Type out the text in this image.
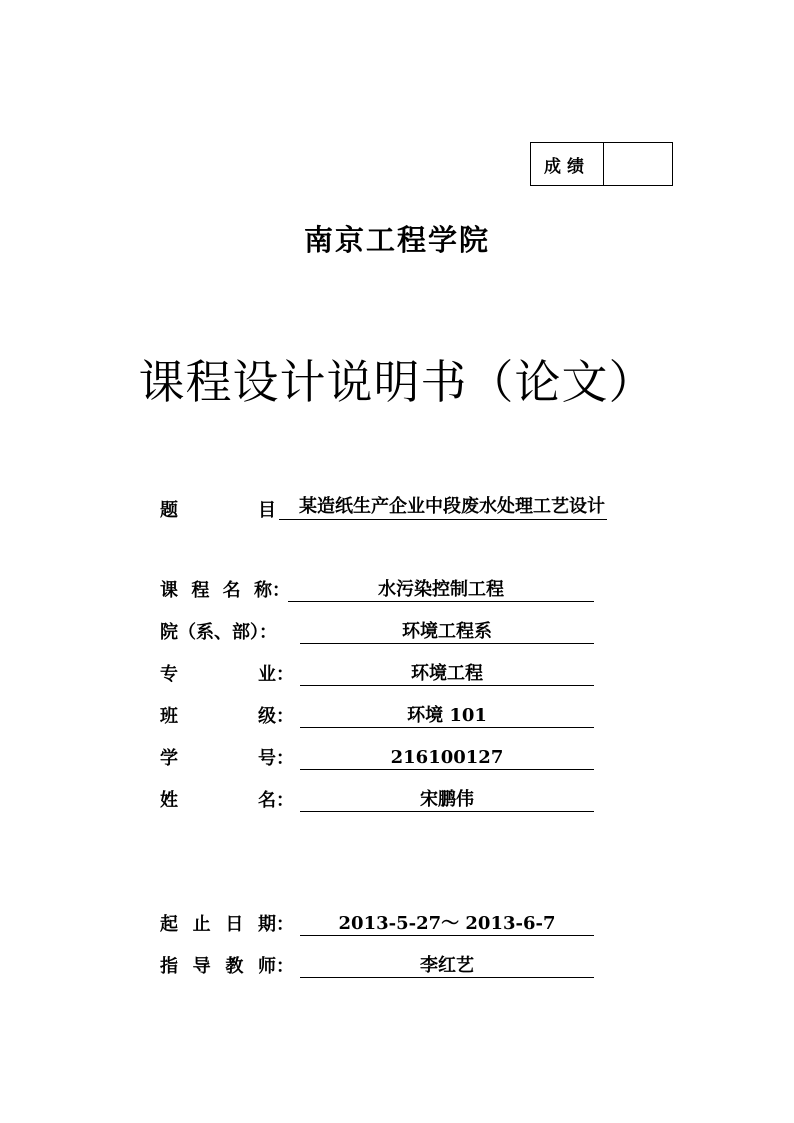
成绩
南京工程学院
课程设计说明书（论文）
题	目	某造纸生产企业中段废水处理工艺设计
课 程 名 称 ：	水污染控制工程
院（系、部）：	环境工程系
专	业 ：	环境工程
班	级 ：	环境 101
学	号 ：	216100127
姓	名 ：	宋鹏伟
起 止 日 期 ：	2013-5-27～ 2013-6-7
指 导 教 师 ：	李红艺
